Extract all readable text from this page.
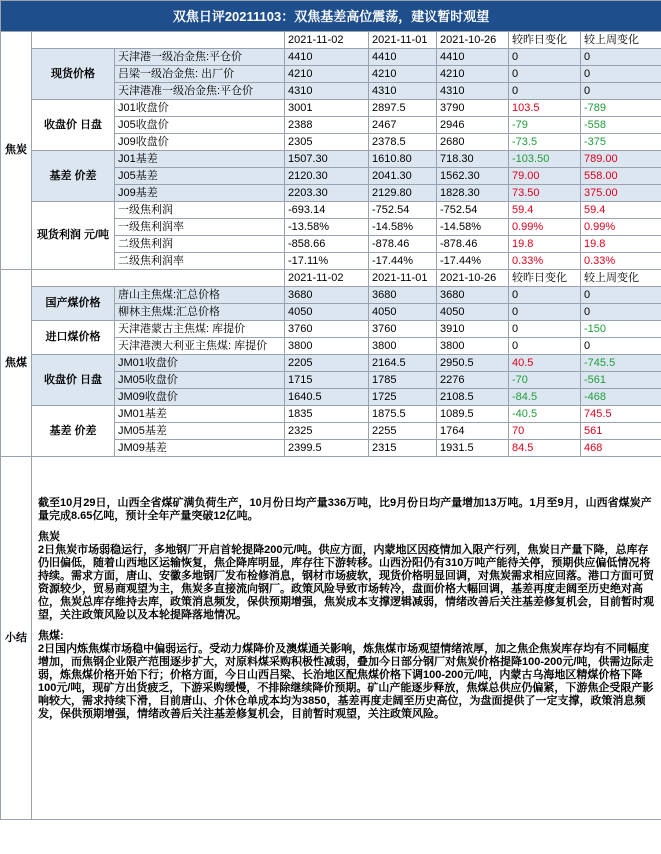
双焦日评20211103：双焦基差高位震荡，建议暂时观望							
焦炭			2021-11-02	2021-11-01	2021-10-26	较昨日变化	较上周变化
	现货价格	天津港一级冶金焦:平仓价	4410	4410	4410	0	0
		吕梁一级冶金焦: 出厂价	4210	4210	4210	0	0
		天津港准一级冶金焦:平仓价	4310	4310	4310	0	0
	收盘价 日盘	J01收盘价	3001	2897.5	3790	103.5	-789
		J05收盘价	2388	2467	2946	-79	-558
		J09收盘价	2305	2378.5	2680	-73.5	-375
	基差 价差	J01基差	1507.30	1610.80	718.30	-103.50	789.00
		J05基差	2120.30	2041.30	1562.30	79.00	558.00
		J09基差	2203.30	2129.80	1828.30	73.50	375.00
	现货利润 元/吨	一级焦利润	-693.14	-752.54	-752.54	59.4	59.4
		一级焦利润率	-13.58%	-14.58%	-14.58%	0.99%	0.99%
		二级焦利润	-858.66	-878.46	-878.46	19.8	19.8
		二级焦利润率	-17.11%	-17.44%	-17.44%	0.33%	0.33%
焦煤			2021-11-02	2021-11-01	2021-10-26	较昨日变化	较上周变化
	国产煤价格	唐山主焦煤:汇总价格	3680	3680	3680	0	0
		柳林主焦煤:汇总价格	4050	4050	4050	0	0
	进口煤价格	天津港蒙古主焦煤: 库提价	3760	3760	3910	0	-150
		天津港澳大利亚主焦煤: 库提价	3800	3800	3800	0	0
	收盘价 日盘	JM01收盘价	2205	2164.5	2950.5	40.5	-745.5
		JM05收盘价	1715	1785	2276	-70	-561
		JM09收盘价	1640.5	1725	2108.5	-84.5	-468
	基差 价差	JM01基差	1835	1875.5	1089.5	-40.5	745.5
		JM05基差	2325	2255	1764	70	561
		JM09基差	2399.5	2315	1931.5	84.5	468
小结	截至10月29日，山西全省煤矿满负荷生产，10月份日均产量336万吨，比9月份日均产量增加13万吨。1月至9月，山西省煤炭产量完成8.65亿吨，预计全年产量突破12亿吨。

焦炭

2日焦炭市场弱稳运行，多地钢厂开启首轮提降200元/吨。供应方面，内蒙地区因疫情加入限产行列，焦炭日产量下降，总库存仍旧偏低，随着山西地区运输恢复，焦企降库明显，库存往下游转移。山西汾阳仍有310万吨产能待关停，预期供应偏低情况将持续。需求方面，唐山、安徽多地钢厂发布检修消息，钢材市场疲软，现货价格明显回调，对焦炭需求相应回落。港口方面可贸资源较少，贸易商观望为主，焦炭多直接流向钢厂。政策风险导致市场转冷，盘面价格大幅回调，基差再度走阔至历史绝对高位，焦炭总库存维持去库，政策消息频发，保供预期增强，焦炭成本支撑逻辑减弱，情绪改善后关注基差修复机会，目前暂时观望，关注政策风险以及本轮提降落地情况。

焦煤:

2日国内炼焦煤市场稳中偏弱运行。受动力煤降价及澳煤通关影响，炼焦煤市场观望情绪浓厚，加之焦企焦炭库存均有不同幅度增加，而焦钢企业限产范围逐步扩大，对原料煤采购积极性减弱，叠加今日部分钢厂对焦炭价格提降100-200元/吨，供需边际走弱，炼焦煤价格开始下行；价格方面，今日山西吕梁、长治地区配焦煤价格下调100-200元/吨，内蒙古乌海地区精煤价格下降100元/吨，现矿方出货疲乏，下游采购缓慢，不排除继续降价预期。矿山产能逐步释放，焦煤总供应仍偏紧，下游焦企受限产影响较大，需求持续下滑，目前唐山、介休仓单成本均为3850，基差再度走阔至历史高位，为盘面提供了一定支撑，政策消息频发，保供预期增强，情绪改善后关注基差修复机会，目前暂时观望，关注政策风险。						
